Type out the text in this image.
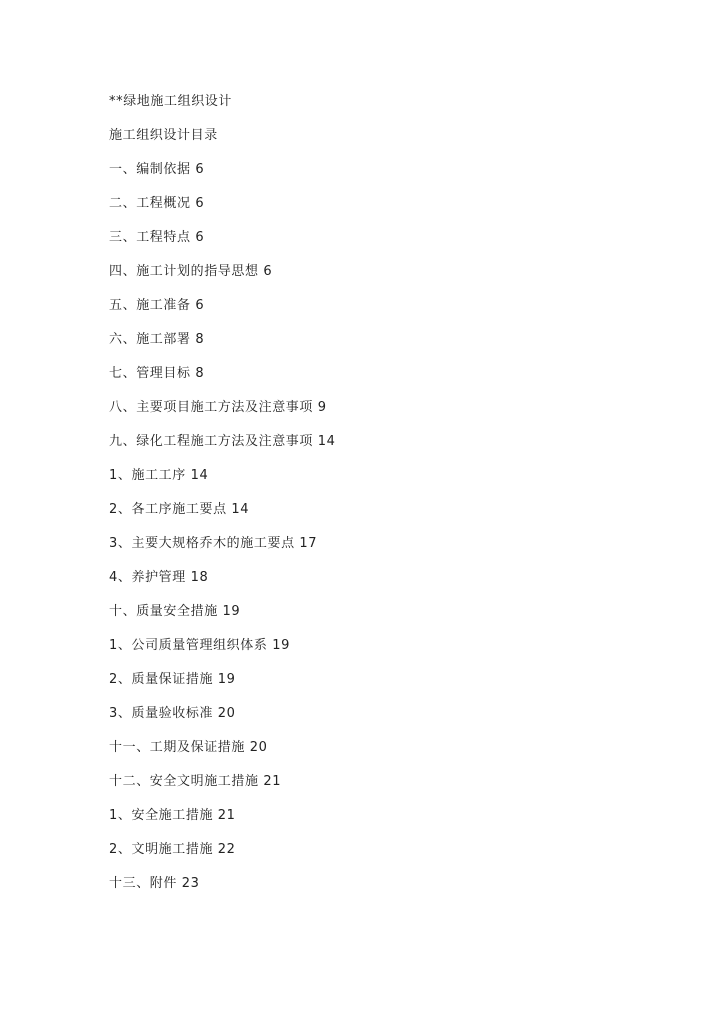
**绿地施工组织设计
施工组织设计目录
一、编制依据 6
二、工程概况 6
三、工程特点 6
四、施工计划的指导思想 6
五、施工准备 6
六、施工部署 8
七、管理目标 8
八、主要项目施工方法及注意事项 9
九、绿化工程施工方法及注意事项 14
1、施工工序 14
2、各工序施工要点 14
3、主要大规格乔木的施工要点 17
4、养护管理 18
十、质量安全措施 19
1、公司质量管理组织体系 19
2、质量保证措施 19
3、质量验收标准 20
十一、工期及保证措施 20
十二、安全文明施工措施 21
1、安全施工措施 21
2、文明施工措施 22
十三、附件 23
